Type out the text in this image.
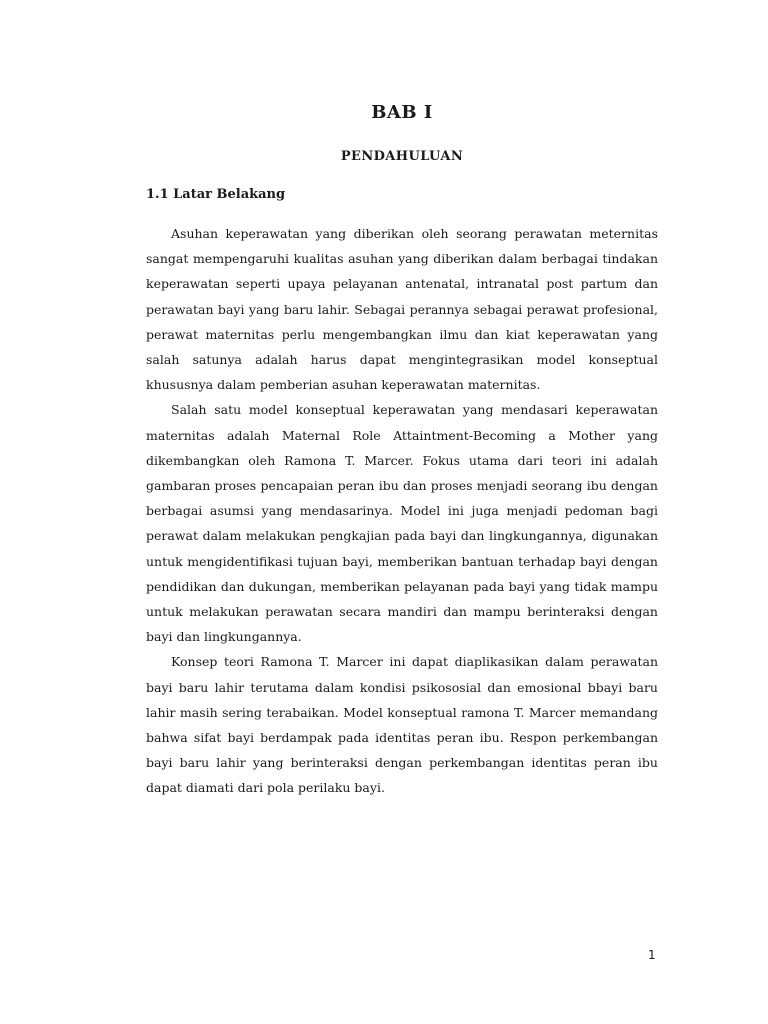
BAB I
PENDAHULUAN
1.1 Latar Belakang

Asuhan keperawatan yang diberikan oleh seorang perawatan meternitas sangat mempengaruhi kualitas asuhan yang diberikan dalam berbagai tindakan keperawatan seperti upaya pelayanan antenatal, intranatal post partum dan perawatan bayi yang baru lahir. Sebagai perannya sebagai perawat profesional, perawat maternitas perlu mengembangkan ilmu dan kiat keperawatan yang salah satunya adalah harus dapat mengintegrasikan model konseptual khususnya dalam pemberian asuhan keperawatan maternitas.

Salah satu model konseptual keperawatan yang mendasari keperawatan maternitas adalah Maternal Role Attaintment-Becoming a Mother yang dikembangkan oleh Ramona T. Marcer. Fokus utama dari teori ini adalah gambaran proses pencapaian peran ibu dan proses menjadi seorang ibu dengan berbagai asumsi yang mendasarinya. Model ini juga menjadi pedoman bagi perawat dalam melakukan pengkajian pada bayi dan lingkungannya, digunakan untuk mengidentifikasi tujuan bayi, memberikan bantuan terhadap bayi dengan pendidikan dan dukungan, memberikan pelayanan pada bayi yang tidak mampu untuk melakukan perawatan secara mandiri dan mampu berinteraksi dengan bayi dan lingkungannya.

Konsep teori Ramona T. Marcer ini dapat diaplikasikan dalam perawatan bayi baru lahir terutama dalam kondisi psikososial dan emosional bbayi baru lahir masih sering terabaikan. Model konseptual ramona T. Marcer memandang bahwa sifat bayi berdampak pada identitas peran ibu. Respon perkembangan bayi baru lahir yang berinteraksi dengan perkembangan identitas peran ibu dapat diamati dari pola perilaku bayi.

1
